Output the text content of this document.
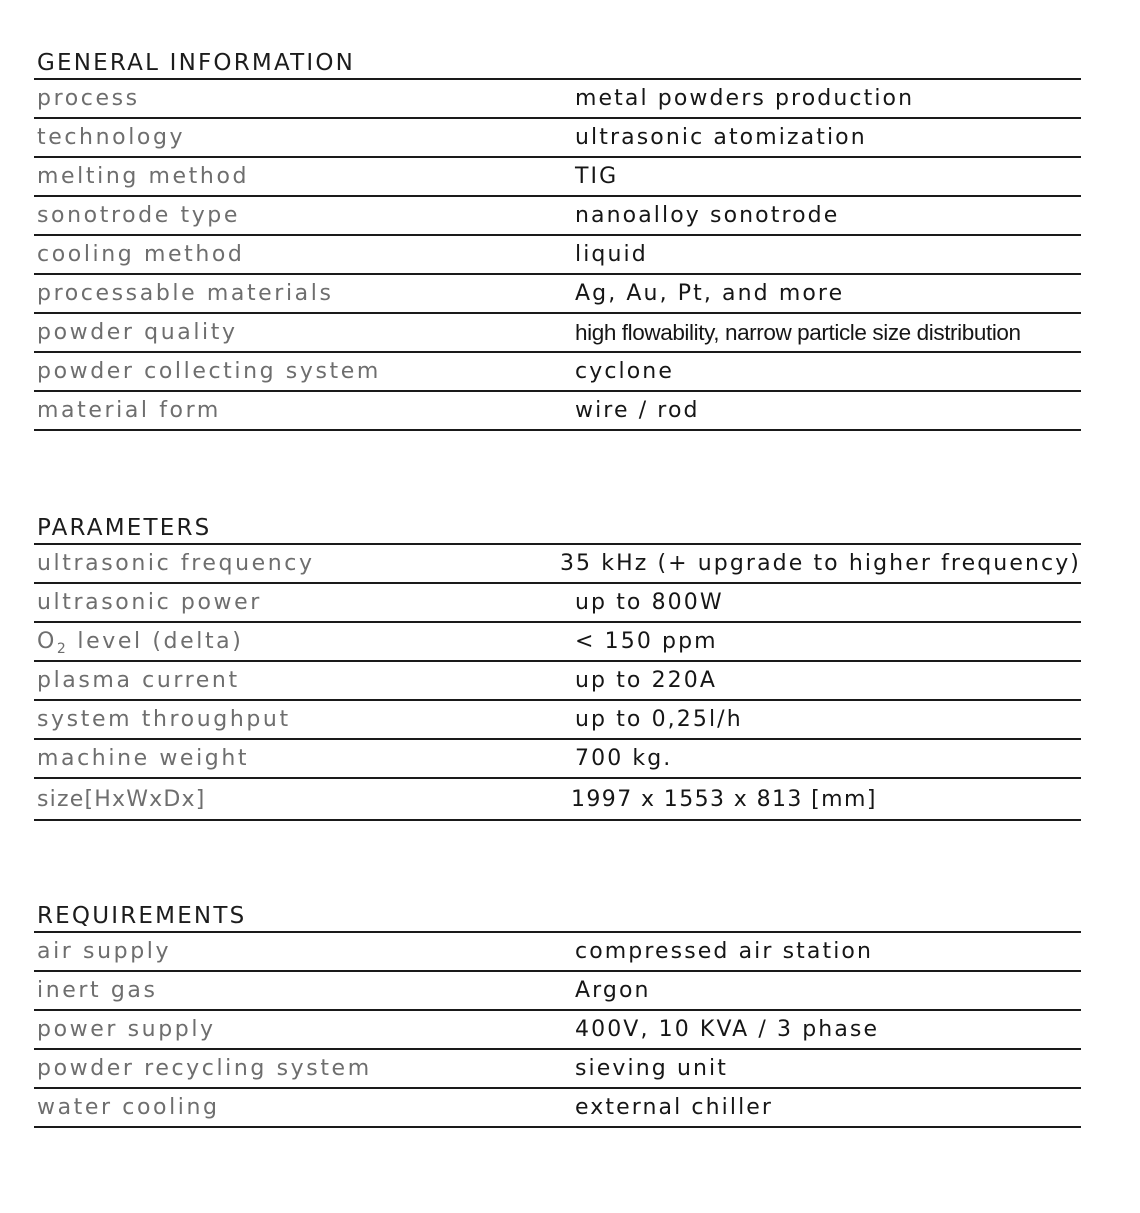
GENERAL INFORMATION
process	metal powders production
technology	ultrasonic atomization
melting method	TIG
sonotrode type	nanoalloy sonotrode
cooling method	liquid
processable materials	Ag, Au, Pt, and more
powder quality	high flowability, narrow particle size distribution
powder collecting system	cyclone
material form	wire / rod
PARAMETERS
ultrasonic frequency	35 kHz (+ upgrade to higher frequency)
ultrasonic power	up to 800W
$O_2$ level (delta)	< 150 ppm
plasma current	up to 220A
system throughput	up to 0,25l/h
machine weight	700 kg.
size[HxWxDx]	1997 x 1553 x 813 [mm]
REQUIREMENTS
air supply	compressed air station
inert gas	Argon
power supply	400V, 10 KVA / 3 phase
powder recycling system	sieving unit
water cooling	external chiller
